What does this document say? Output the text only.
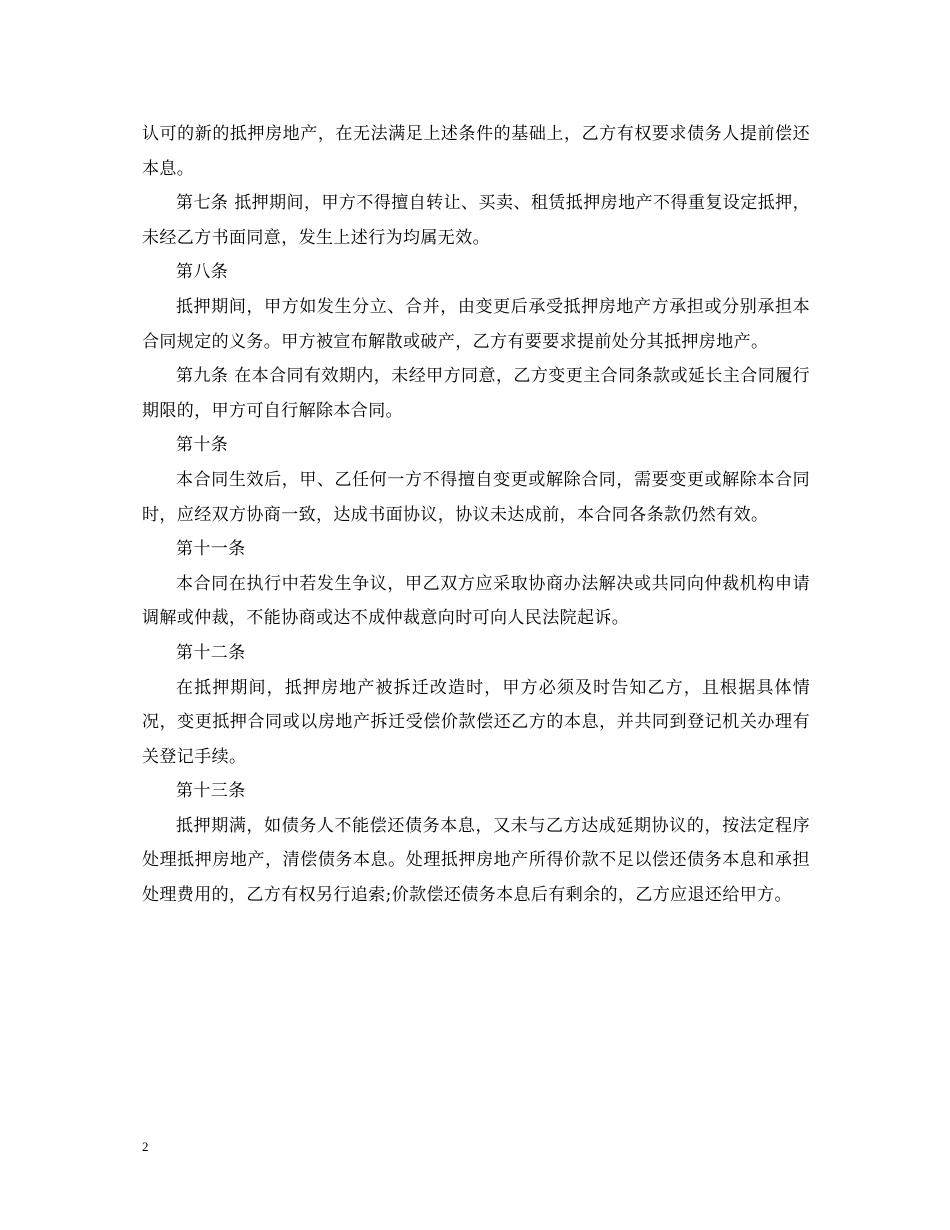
认可的新的抵押房地产，在无法满足上述条件的基础上，乙方有权要求债务人提前偿还本息。

第七条 抵押期间，甲方不得擅自转让、买卖、租赁抵押房地产不得重复设定抵押，未经乙方书面同意，发生上述行为均属无效。

第八条

抵押期间，甲方如发生分立、合并，由变更后承受抵押房地产方承担或分别承担本合同规定的义务。甲方被宣布解散或破产，乙方有要要求提前处分其抵押房地产。

第九条 在本合同有效期内，未经甲方同意，乙方变更主合同条款或延长主合同履行期限的，甲方可自行解除本合同。

第十条

本合同生效后，甲、乙任何一方不得擅自变更或解除合同，需要变更或解除本合同时，应经双方协商一致，达成书面协议，协议未达成前，本合同各条款仍然有效。

第十一条

本合同在执行中若发生争议，甲乙双方应采取协商办法解决或共同向仲裁机构申请调解或仲裁，不能协商或达不成仲裁意向时可向人民法院起诉。

第十二条

在抵押期间，抵押房地产被拆迁改造时，甲方必须及时告知乙方，且根据具体情况，变更抵押合同或以房地产拆迁受偿价款偿还乙方的本息，并共同到登记机关办理有关登记手续。

第十三条

抵押期满，如债务人不能偿还债务本息，又未与乙方达成延期协议的，按法定程序处理抵押房地产，清偿债务本息。处理抵押房地产所得价款不足以偿还债务本息和承担处理费用的，乙方有权另行追索;价款偿还债务本息后有剩余的，乙方应退还给甲方。

2
